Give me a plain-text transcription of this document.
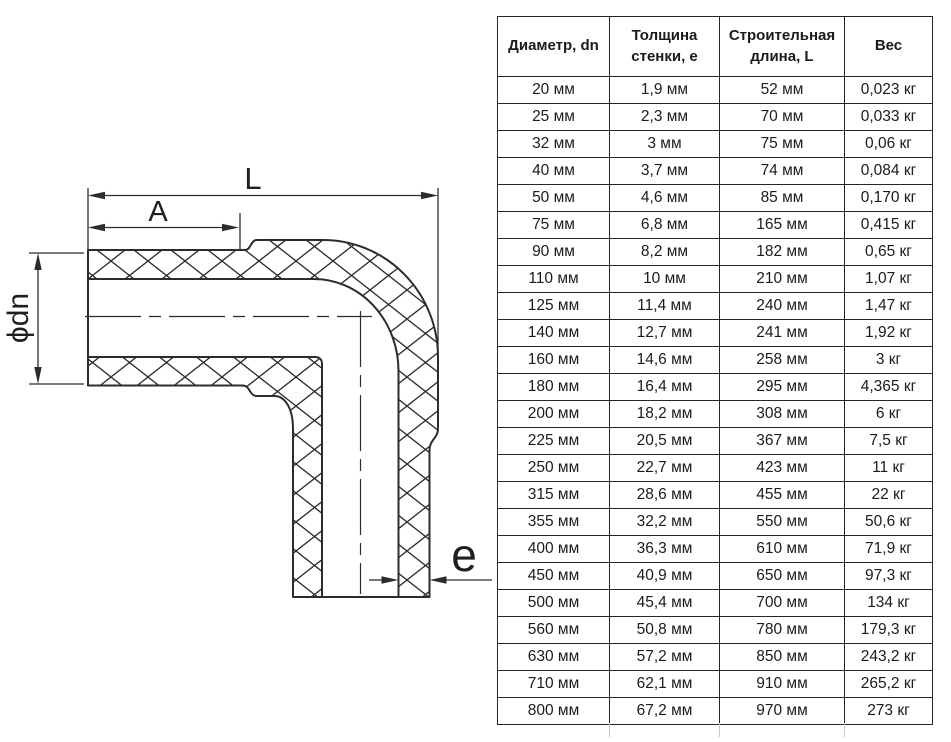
L
A
ϕdn
e
Диаметр, dn	Толщина стенки, e	Строительная длина, L	Вес
20 мм	1,9 мм	52 мм	0,023 кг
25 мм	2,3 мм	70 мм	0,033 кг
32 мм	3 мм	75 мм	0,06 кг
40 мм	3,7 мм	74 мм	0,084 кг
50 мм	4,6 мм	85 мм	0,170 кг
75 мм	6,8 мм	165 мм	0,415 кг
90 мм	8,2 мм	182 мм	0,65 кг
110 мм	10 мм	210 мм	1,07 кг
125 мм	11,4 мм	240 мм	1,47 кг
140 мм	12,7 мм	241 мм	1,92 кг
160 мм	14,6 мм	258 мм	3 кг
180 мм	16,4 мм	295 мм	4,365 кг
200 мм	18,2 мм	308 мм	6 кг
225 мм	20,5 мм	367 мм	7,5 кг
250 мм	22,7 мм	423 мм	11 кг
315 мм	28,6 мм	455 мм	22 кг
355 мм	32,2 мм	550 мм	50,6 кг
400 мм	36,3 мм	610 мм	71,9 кг
450 мм	40,9 мм	650 мм	97,3 кг
500 мм	45,4 мм	700 мм	134 кг
560 мм	50,8 мм	780 мм	179,3 кг
630 мм	57,2 мм	850 мм	243,2 кг
710 мм	62,1 мм	910 мм	265,2 кг
800 мм	67,2 мм	970 мм	273 кг
